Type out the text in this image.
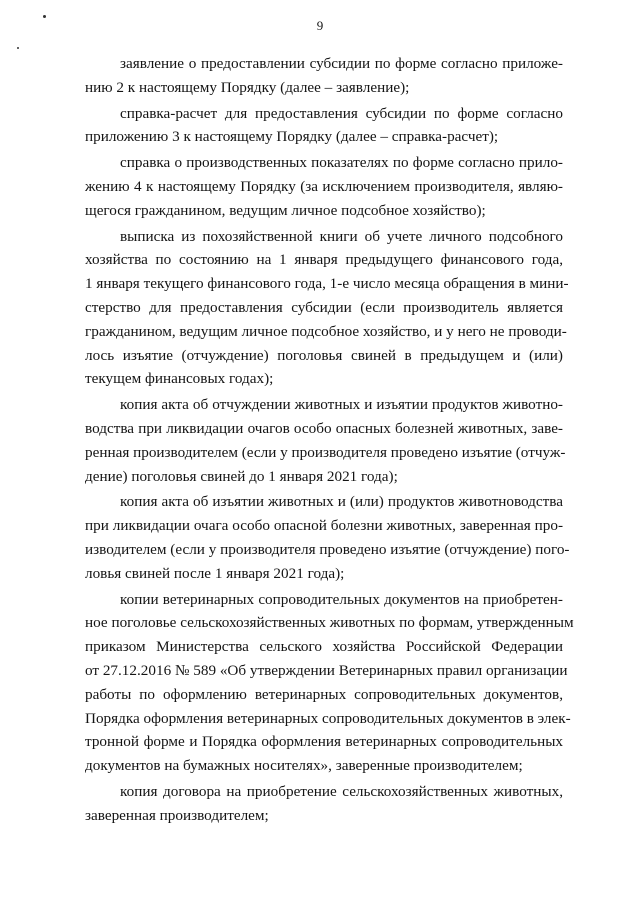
9
заявление о предоставлении субсидии по форме согласно приложе-
нию 2 к настоящему Порядку (далее – заявление);
справка-расчет для предоставления субсидии по форме согласно
приложению 3 к настоящему Порядку (далее – справка-расчет);
справка о производственных показателях по форме согласно прило-
жению 4 к настоящему Порядку (за исключением производителя, являю-
щегося гражданином, ведущим личное подсобное хозяйство);
выписка из похозяйственной книги об учете личного подсобного
хозяйства по состоянию на 1 января предыдущего финансового года,
1 января текущего финансового года, 1-е число месяца обращения в мини-
стерство для предоставления субсидии (если производитель является
гражданином, ведущим личное подсобное хозяйство, и у него не проводи-
лось изъятие (отчуждение) поголовья свиней в предыдущем и (или)
текущем финансовых годах);
копия акта об отчуждении животных и изъятии продуктов животно-
водства при ликвидации очагов особо опасных болезней животных, заве-
ренная производителем (если у производителя проведено изъятие (отчуж-
дение) поголовья свиней до 1 января 2021 года);
копия акта об изъятии животных и (или) продуктов животноводства
при ликвидации очага особо опасной болезни животных, заверенная про-
изводителем (если у производителя проведено изъятие (отчуждение) пого-
ловья свиней после 1 января 2021 года);
копии ветеринарных сопроводительных документов на приобретен-
ное поголовье сельскохозяйственных животных по формам, утвержденным
приказом Министерства сельского хозяйства Российской Федерации
от 27.12.2016 № 589 «Об утверждении Ветеринарных правил организации
работы по оформлению ветеринарных сопроводительных документов,
Порядка оформления ветеринарных сопроводительных документов в элек-
тронной форме и Порядка оформления ветеринарных сопроводительных
документов на бумажных носителях», заверенные производителем;
копия договора на приобретение сельскохозяйственных животных,
заверенная производителем;
